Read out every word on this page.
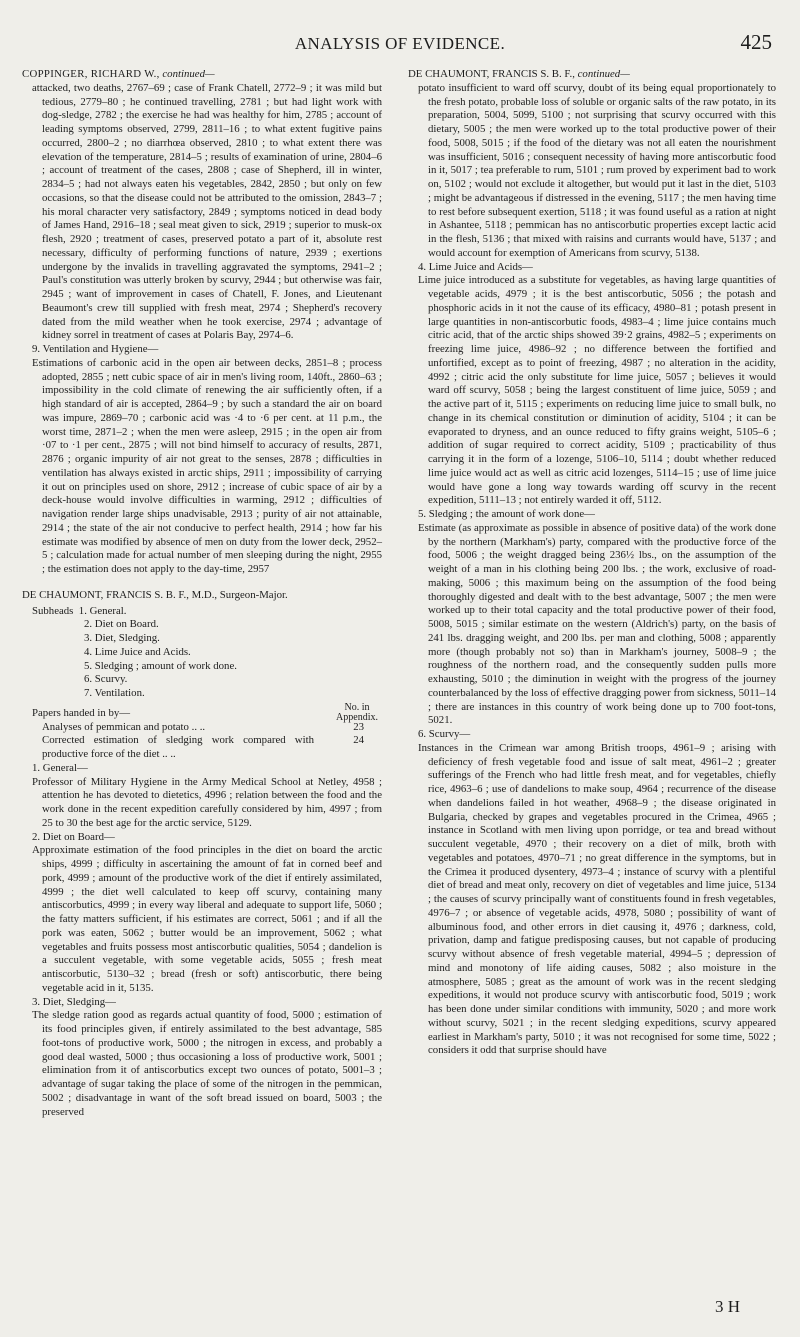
ANALYSIS OF EVIDENCE.	425

COPPINGER, RICHARD W., continued—

attacked, two deaths, 2767–69 ; case of Frank Chatell, 2772–9 ; it was mild but tedious, 2779–80 ; he continued travelling, 2781 ; but had light work with dog-sledge, 2782 ; the exercise he had was healthy for him, 2785 ; account of leading symptoms observed, 2799, 2811–16 ; to what extent fugitive pains occurred, 2800–2 ; no diarrhœa observed, 2810 ; to what extent there was elevation of the temperature, 2814–5 ; results of examination of urine, 2804–6 ; account of treatment of the cases, 2808 ; case of Shepherd, ill in winter, 2834–5 ; had not always eaten his vegetables, 2842, 2850 ; but only on few occasions, so that the disease could not be attributed to the omission, 2843–7 ; his moral character very satisfactory, 2849 ; symptoms noticed in dead body of James Hand, 2916–18 ; seal meat given to sick, 2919 ; superior to musk-ox flesh, 2920 ; treatment of cases, preserved potato a part of it, absolute rest necessary, difficulty of performing functions of nature, 2939 ; exertions undergone by the invalids in travelling aggravated the symptoms, 2941–2 ; Paul's constitution was utterly broken by scurvy, 2944 ; but otherwise was fair, 2945 ; want of improvement in cases of Chatell, F. Jones, and Lieutenant Beaumont's crew till supplied with fresh meat, 2974 ; Shepherd's recovery dated from the mild weather when he took exercise, 2974 ; advantage of kidney sorrel in treatment of cases at Polaris Bay, 2974–6.

9. Ventilation and Hygiene—

Estimations of carbonic acid in the open air between decks, 2851–8 ; process adopted, 2855 ; nett cubic space of air in men's living room, 140ft., 2860–63 ; impossibility in the cold climate of renewing the air sufficiently often, if a high standard of air is accepted, 2864–9 ; by such a standard the air on board was impure, 2869–70 ; carbonic acid was ·4 to ·6 per cent. at 11 p.m., the worst time, 2871–2 ; when the men were asleep, 2915 ; in the open air from ·07 to ·1 per cent., 2875 ; will not bind himself to accuracy of results, 2871, 2876 ; organic impurity of air not great to the senses, 2878 ; difficulties in ventilation has always existed in arctic ships, 2911 ; impossibility of carrying it out on principles used on shore, 2912 ; increase of cubic space of air by a deck-house would involve difficulties in warming, 2912 ; difficulties of navigation render large ships unadvisable, 2913 ; purity of air not attainable, 2914 ; the state of the air not conducive to perfect health, 2914 ; how far his estimate was modified by absence of men on duty from the lower deck, 2952–5 ; calculation made for actual number of men sleeping during the night, 2955 ; the estimation does not apply to the day-time, 2957

DE CHAUMONT, FRANCIS S. B. F., M.D., Surgeon-Major.

Subheads 1. General.

2. Diet on Board.

3. Diet, Sledging.

4. Lime Juice and Acids.

5. Sledging ; amount of work done.

6. Scurvy.

7. Ventilation.

Papers handed in by—	No. in
Appendix.
Analyses of pemmican and potato .. ..	23
Corrected estimation of sledging work compared with productive force of the diet .. ..
24

1. General—

Professor of Military Hygiene in the Army Medical School at Netley, 4958 ; attention he has devoted to dietetics, 4996 ; relation between the food and the work done in the recent expedition carefully considered by him, 4997 ; from 25 to 30 the best age for the arctic service, 5129.

2. Diet on Board—

Approximate estimation of the food principles in the diet on board the arctic ships, 4999 ; difficulty in ascertaining the amount of fat in corned beef and pork, 4999 ; amount of the productive work of the diet if entirely assimilated, 4999 ; the diet well calculated to keep off scurvy, containing many antiscorbutics, 4999 ; in every way liberal and adequate to support life, 5060 ; the fatty matters sufficient, if his estimates are correct, 5061 ; and if all the pork was eaten, 5062 ; butter would be an improvement, 5062 ; what vegetables and fruits possess most antiscorbutic qualities, 5054 ; dandelion is a succulent vegetable, with some vegetable acids, 5055 ; fresh meat antiscorbutic, 5130–32 ; bread (fresh or soft) antiscorbutic, there being vegetable acid in it, 5135.

3. Diet, Sledging—

The sledge ration good as regards actual quantity of food, 5000 ; estimation of its food principles given, if entirely assimilated to the best advantage, 585 foot-tons of productive work, 5000 ; the nitrogen in excess, and probably a good deal wasted, 5000 ; thus occasioning a loss of productive work, 5001 ; elimination from it of antiscorbutics except two ounces of potato, 5001–3 ; advantage of sugar taking the place of some of the nitrogen in the pemmican, 5002 ; disadvantage in want of the soft bread issued on board, 5003 ; the preserved

DE CHAUMONT, FRANCIS S. B. F., continued—

potato insufficient to ward off scurvy, doubt of its being equal proportionately to the fresh potato, probable loss of soluble or organic salts of the raw potato, in its preparation, 5004, 5099, 5100 ; not surprising that scurvy occurred with this dietary, 5005 ; the men were worked up to the total productive power of their food, 5008, 5015 ; if the food of the dietary was not all eaten the nourishment was insufficient, 5016 ; consequent necessity of having more antiscorbutic food in it, 5017 ; tea preferable to rum, 5101 ; rum proved by experiment bad to work on, 5102 ; would not exclude it altogether, but would put it last in the diet, 5103 ; might be advantageous if distressed in the evening, 5117 ; the men having time to rest before subsequent exertion, 5118 ; it was found useful as a ration at night in Ashantee, 5118 ; pemmican has no antiscorbutic properties except lactic acid in the flesh, 5136 ; that mixed with raisins and currants would have, 5137 ; and would account for exemption of Americans from scurvy, 5138.

4. Lime Juice and Acids—

Lime juice introduced as a substitute for vegetables, as having large quantities of vegetable acids, 4979 ; it is the best antiscorbutic, 5056 ; the potash and phosphoric acids in it not the cause of its efficacy, 4980–81 ; potash present in large quantities in non-antiscorbutic foods, 4983–4 ; lime juice contains much citric acid, that of the arctic ships showed 39·2 grains, 4982–5 ; experiments on freezing lime juice, 4986–92 ; no difference between the fortified and unfortified, except as to point of freezing, 4987 ; no alteration in the acidity, 4992 ; citric acid the only substitute for lime juice, 5057 ; believes it would ward off scurvy, 5058 ; being the largest constituent of lime juice, 5059 ; and the active part of it, 5115 ; experiments on reducing lime juice to small bulk, no change in its chemical constitution or diminution of acidity, 5104 ; it can be evaporated to dryness, and an ounce reduced to fifty grains weight, 5105–6 ; addition of sugar required to correct acidity, 5109 ; practicability of thus carrying it in the form of a lozenge, 5106–10, 5114 ; doubt whether reduced lime juice would act as well as citric acid lozenges, 5114–15 ; use of lime juice would have gone a long way towards warding off scurvy in the recent expedition, 5111–13 ; not entirely warded it off, 5112.

5. Sledging ; the amount of work done—

Estimate (as approximate as possible in absence of positive data) of the work done by the northern (Markham's) party, compared with the productive force of the food, 5006 ; the weight dragged being 236½ lbs., on the assumption of the weight of a man in his clothing being 200 lbs. ; the work, exclusive of road-making, 5006 ; this maximum being on the assumption of the food being thoroughly digested and dealt with to the best advantage, 5007 ; the men were worked up to their total capacity and the total productive power of their food, 5008, 5015 ; similar estimate on the western (Aldrich's) party, on the basis of 241 lbs. dragging weight, and 200 lbs. per man and clothing, 5008 ; apparently more (though probably not so) than in Markham's journey, 5008–9 ; the roughness of the northern road, and the consequently sudden pulls more exhausting, 5010 ; the diminution in weight with the progress of the journey counterbalanced by the loss of effective dragging power from sickness, 5011–14 ; there are instances in this country of work being done up to 700 foot-tons, 5021.

6. Scurvy—

Instances in the Crimean war among British troops, 4961–9 ; arising with deficiency of fresh vegetable food and issue of salt meat, 4961–2 ; greater sufferings of the French who had little fresh meat, and for vegetables, chiefly rice, 4963–6 ; use of dandelions to make soup, 4964 ; recurrence of the disease when dandelions failed in hot weather, 4968–9 ; the disease originated in Bulgaria, checked by grapes and vegetables procured in the Crimea, 4965 ; instance in Scotland with men living upon porridge, or tea and bread without succulent vegetable, 4970 ; their recovery on a diet of milk, broth with vegetables and potatoes, 4970–71 ; no great difference in the symptoms, but in the Crimea it produced dysentery, 4973–4 ; instance of scurvy with a plentiful diet of bread and meat only, recovery on diet of vegetables and lime juice, 5134 ; the causes of scurvy principally want of constituents found in fresh vegetables, 4976–7 ; or absence of vegetable acids, 4978, 5080 ; possibility of want of albuminous food, and other errors in diet causing it, 4976 ; darkness, cold, privation, damp and fatigue predisposing causes, but not capable of producing scurvy without absence of fresh vegetable material, 4994–5 ; depression of mind and monotony of life aiding causes, 5082 ; also moisture in the atmosphere, 5085 ; great as the amount of work was in the recent sledging expeditions, it would not produce scurvy with antiscorbutic food, 5019 ; work has been done under similar conditions with immunity, 5020 ; and more work without scurvy, 5021 ; in the recent sledging expeditions, scurvy appeared earliest in Markham's party, 5010 ; it was not recognised for some time, 5022 ; considers it odd that surprise should have

3 H
